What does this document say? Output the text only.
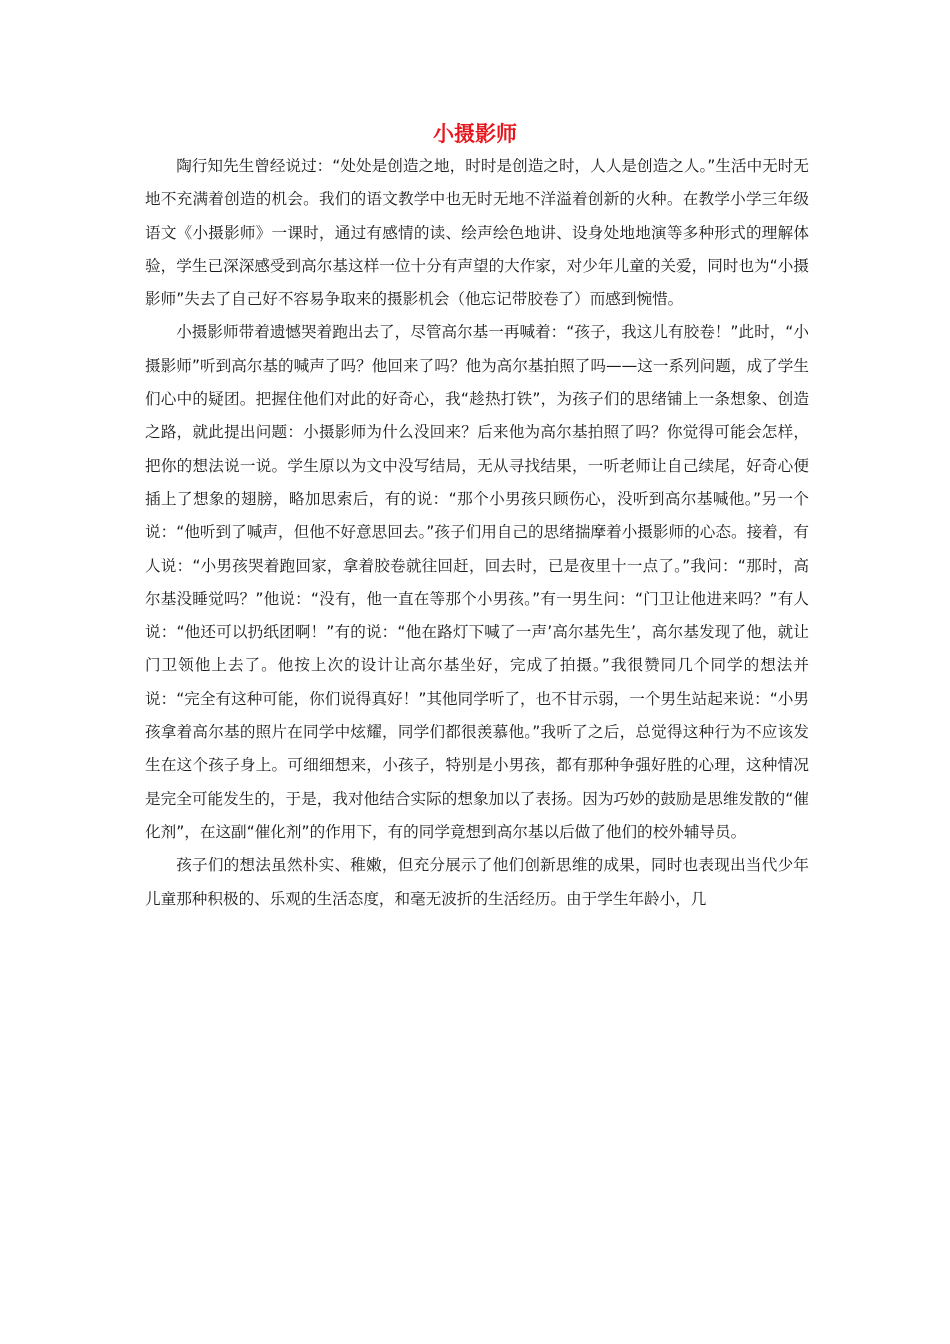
小摄影师

陶行知先生曾经说过：“处处是创造之地，时时是创造之时，人人是创造之人。”生活中无时无地不充满着创造的机会。我们的语文教学中也无时无地不洋溢着创新的火种。在教学小学三年级语文《小摄影师》一课时，通过有感情的读、绘声绘色地讲、设身处地地演等多种形式的理解体验，学生已深深感受到高尔基这样一位十分有声望的大作家，对少年儿童的关爱，同时也为“小摄影师”失去了自己好不容易争取来的摄影机会（他忘记带胶卷了）而感到惋惜。

小摄影师带着遗憾哭着跑出去了，尽管高尔基一再喊着：“孩子，我这儿有胶卷！”此时，“小摄影师”听到高尔基的喊声了吗？他回来了吗？他为高尔基拍照了吗——这一系列问题，成了学生们心中的疑团。把握住他们对此的好奇心，我“趁热打铁”，为孩子们的思绪铺上一条想象、创造之路，就此提出问题：小摄影师为什么没回来？后来他为高尔基拍照了吗？你觉得可能会怎样，把你的想法说一说。学生原以为文中没写结局，无从寻找结果，一听老师让自己续尾，好奇心便插上了想象的翅膀，略加思索后，有的说：“那个小男孩只顾伤心，没听到高尔基喊他。”另一个说：“他听到了喊声，但他不好意思回去。”孩子们用自己的思绪揣摩着小摄影师的心态。接着，有人说：“小男孩哭着跑回家，拿着胶卷就往回赶，回去时，已是夜里十一点了。”我问：“那时，高尔基没睡觉吗？”他说：“没有，他一直在等那个小男孩。”有一男生问：“门卫让他进来吗？”有人说：“他还可以扔纸团啊！”有的说：“他在路灯下喊了一声’高尔基先生’，高尔基发现了他，就让门卫领他上去了。他按上次的设计让高尔基坐好，完成了拍摄。”我很赞同几个同学的想法并说：“完全有这种可能，你们说得真好！”其他同学听了，也不甘示弱，一个男生站起来说：“小男孩拿着高尔基的照片在同学中炫耀，同学们都很羡慕他。”我听了之后，总觉得这种行为不应该发生在这个孩子身上。可细细想来，小孩子，特别是小男孩，都有那种争强好胜的心理，这种情况是完全可能发生的，于是，我对他结合实际的想象加以了表扬。因为巧妙的鼓励是思维发散的“催化剂”，在这副“催化剂”的作用下，有的同学竟想到高尔基以后做了他们的校外辅导员。

孩子们的想法虽然朴实、稚嫩，但充分展示了他们创新思维的成果，同时也表现出当代少年儿童那种积极的、乐观的生活态度，和毫无波折的生活经历。由于学生年龄小，几
